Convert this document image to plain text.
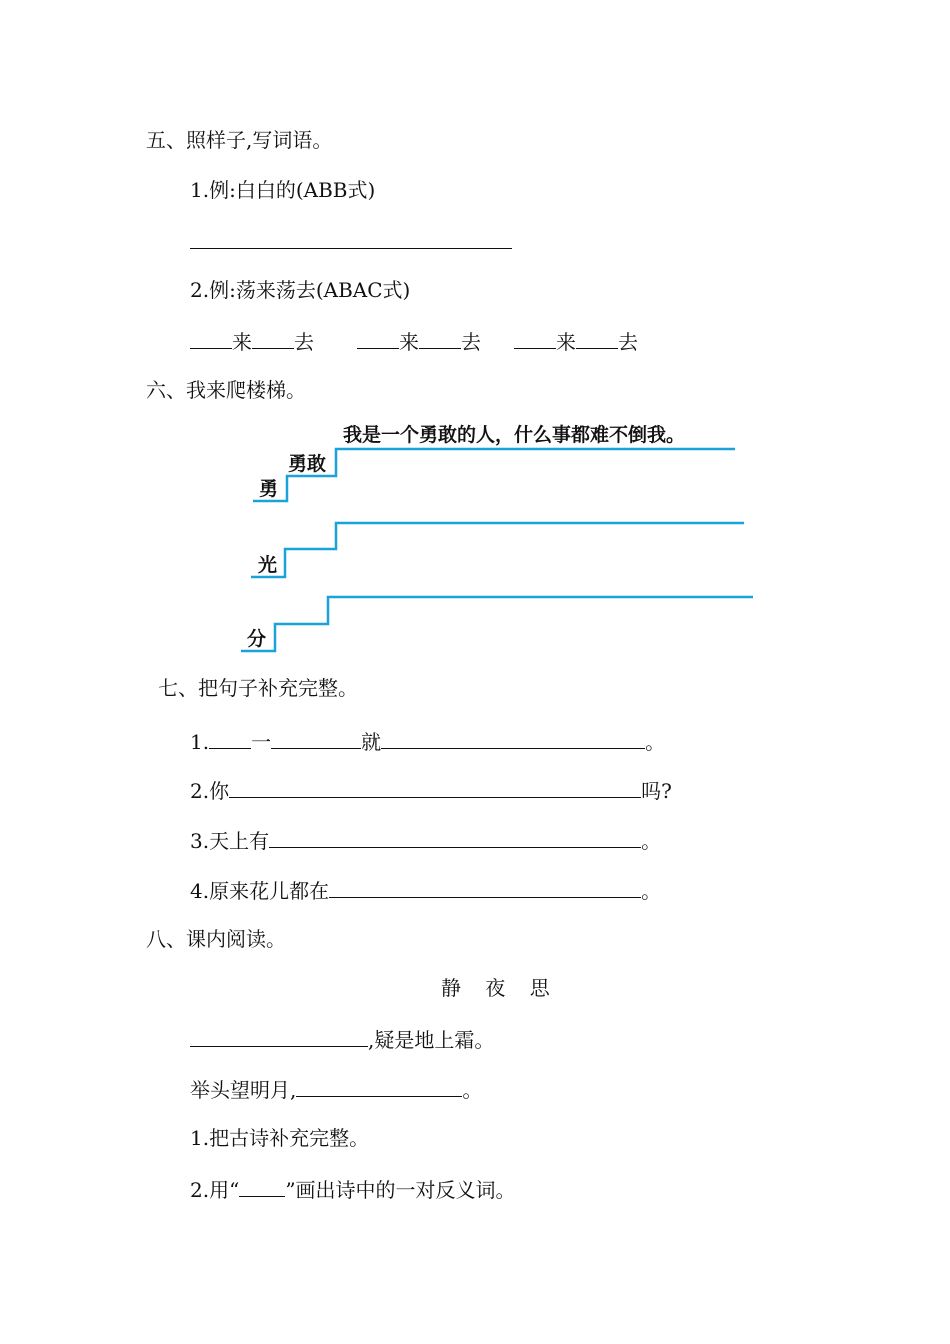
五、照样子,写词语。
1.例:白白的(ABB式)
2.例:荡来荡去(ABAC式)
来 去	来 去	来 去
六、我来爬楼梯。
勇
勇敢
我是一个勇敢的人，什么事都难不倒我。
光
分
七、把句子补充完整。
1. 一	就	。
2.你	吗?
3.天上有	。
4.原来花儿都在	。
八、课内阅读。
静 夜 思
,疑是地上霜。
举头望明月,	。
1.把古诗补充完整。
2.用“ ”画出诗中的一对反义词。
